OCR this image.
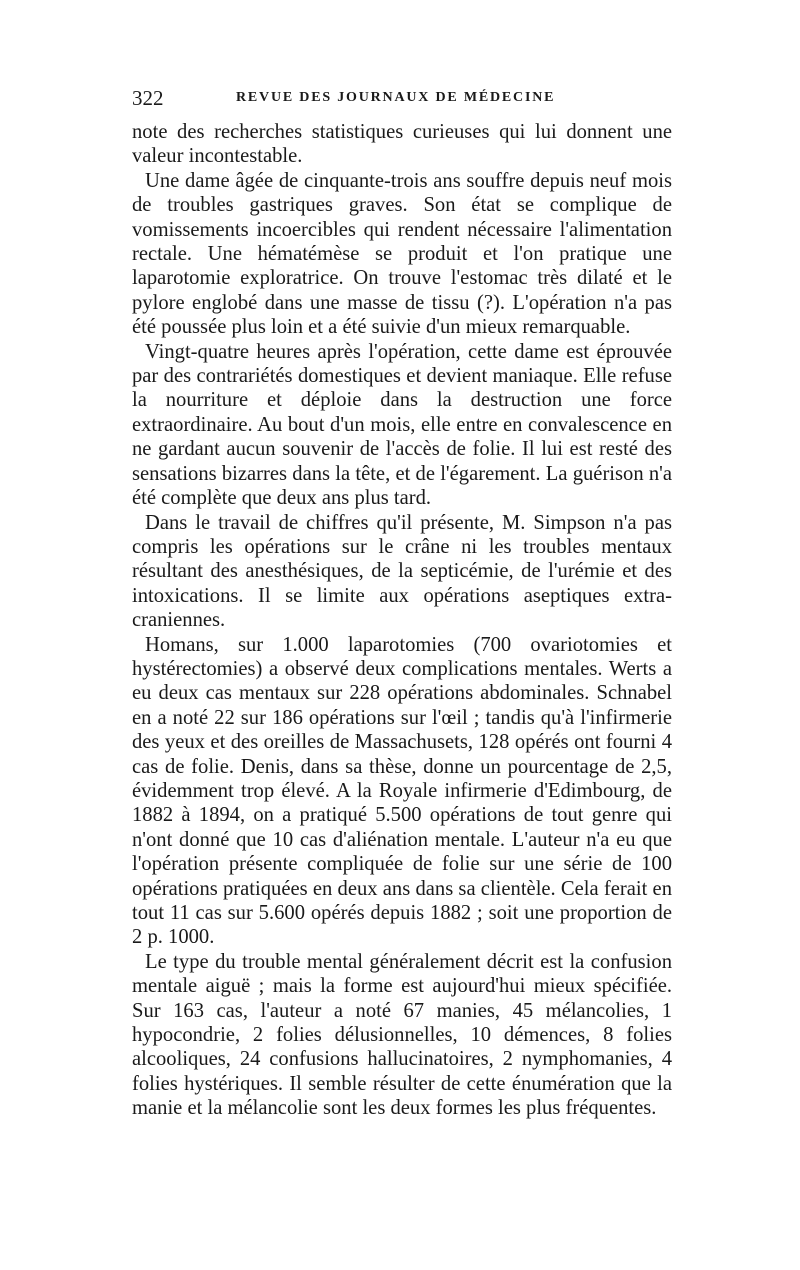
322	REVUE DES JOURNAUX DE MÉDECINE

note des recherches statistiques curieuses qui lui donnent une valeur incontestable.

Une dame âgée de cinquante-trois ans souffre depuis neuf mois de troubles gastriques graves. Son état se complique de vomissements incoercibles qui rendent nécessaire l'alimentation rectale. Une hématémèse se produit et l'on pratique une laparotomie exploratrice. On trouve l'estomac très dilaté et le pylore englobé dans une masse de tissu (?). L'opération n'a pas été poussée plus loin et a été suivie d'un mieux remarquable.

Vingt-quatre heures après l'opération, cette dame est éprouvée par des contrariétés domestiques et devient maniaque. Elle refuse la nourriture et déploie dans la destruction une force extraordinaire. Au bout d'un mois, elle entre en convalescence en ne gardant aucun souvenir de l'accès de folie. Il lui est resté des sensations bizarres dans la tête, et de l'égarement. La guérison n'a été complète que deux ans plus tard.

Dans le travail de chiffres qu'il présente, M. Simpson n'a pas compris les opérations sur le crâne ni les troubles mentaux résultant des anesthésiques, de la septicémie, de l'urémie et des intoxications. Il se limite aux opérations aseptiques extra-craniennes.

Homans, sur 1.000 laparotomies (700 ovariotomies et hystérectomies) a observé deux complications mentales. Werts a eu deux cas mentaux sur 228 opérations abdominales. Schnabel en a noté 22 sur 186 opérations sur l'œil ; tandis qu'à l'infirmerie des yeux et des oreilles de Massachusets, 128 opérés ont fourni 4 cas de folie. Denis, dans sa thèse, donne un pourcentage de 2,5, évidemment trop élevé. A la Royale infirmerie d'Edimbourg, de 1882 à 1894, on a pratiqué 5.500 opérations de tout genre qui n'ont donné que 10 cas d'aliénation mentale. L'auteur n'a eu que l'opération présente compliquée de folie sur une série de 100 opérations pratiquées en deux ans dans sa clientèle. Cela ferait en tout 11 cas sur 5.600 opérés depuis 1882 ; soit une proportion de 2 p. 1000.

Le type du trouble mental généralement décrit est la confusion mentale aiguë ; mais la forme est aujourd'hui mieux spécifiée. Sur 163 cas, l'auteur a noté 67 manies, 45 mélancolies, 1 hypocondrie, 2 folies délusionnelles, 10 démences, 8 folies alcooliques, 24 confusions hallucinatoires, 2 nymphomanies, 4 folies hystériques. Il semble résulter de cette énumération que la manie et la mélancolie sont les deux formes les plus fréquentes.
